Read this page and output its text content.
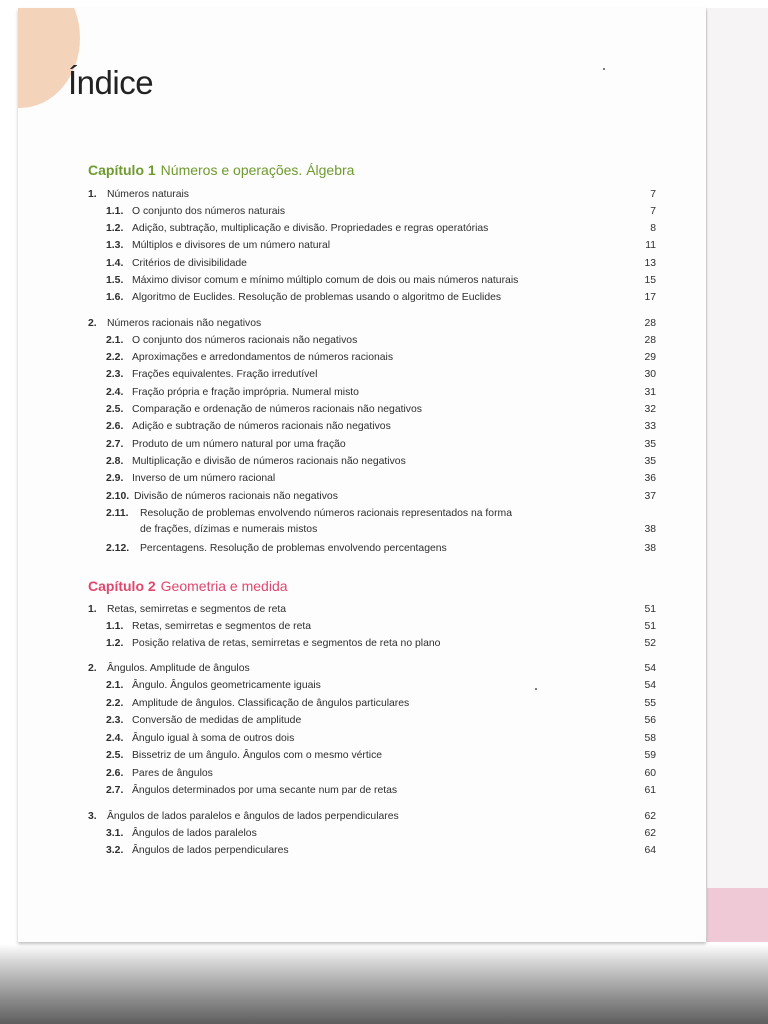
Índice
Capítulo 1 Números e operações. Álgebra
1. Números naturais	7
1.1. O conjunto dos números naturais	7
1.2. Adição, subtração, multiplicação e divisão. Propriedades e regras operatórias	8
1.3. Múltiplos e divisores de um número natural	11
1.4. Critérios de divisibilidade	13
1.5. Máximo divisor comum e mínimo múltiplo comum de dois ou mais números naturais	15
1.6. Algoritmo de Euclides. Resolução de problemas usando o algoritmo de Euclides	17
2. Números racionais não negativos	28
2.1. O conjunto dos números racionais não negativos	28
2.2. Aproximações e arredondamentos de números racionais	29
2.3. Frações equivalentes. Fração irredutível	30
2.4. Fração própria e fração imprópria. Numeral misto	31
2.5. Comparação e ordenação de números racionais não negativos	32
2.6. Adição e subtração de números racionais não negativos	33
2.7. Produto de um número natural por uma fração	35
2.8. Multiplicação e divisão de números racionais não negativos	35
2.9. Inverso de um número racional	36
2.10. Divisão de números racionais não negativos	37
2.11. Resolução de problemas envolvendo números racionais representados na forma
de frações, dízimas e numerais mistos	38
2.12. Percentagens. Resolução de problemas envolvendo percentagens	38
Capítulo 2 Geometria e medida
1. Retas, semirretas e segmentos de reta	51
1.1. Retas, semirretas e segmentos de reta	51
1.2. Posição relativa de retas, semirretas e segmentos de reta no plano	52
2. Ângulos. Amplitude de ângulos	54
2.1. Ângulo. Ângulos geometricamente iguais	54
2.2. Amplitude de ângulos. Classificação de ângulos particulares	55
2.3. Conversão de medidas de amplitude	56
2.4. Ângulo igual à soma de outros dois	58
2.5. Bissetriz de um ângulo. Ângulos com o mesmo vértice	59
2.6. Pares de ângulos	60
2.7. Ângulos determinados por uma secante num par de retas	61
3. Ângulos de lados paralelos e ângulos de lados perpendiculares	62
3.1. Ângulos de lados paralelos	62
3.2. Ângulos de lados perpendiculares	64
